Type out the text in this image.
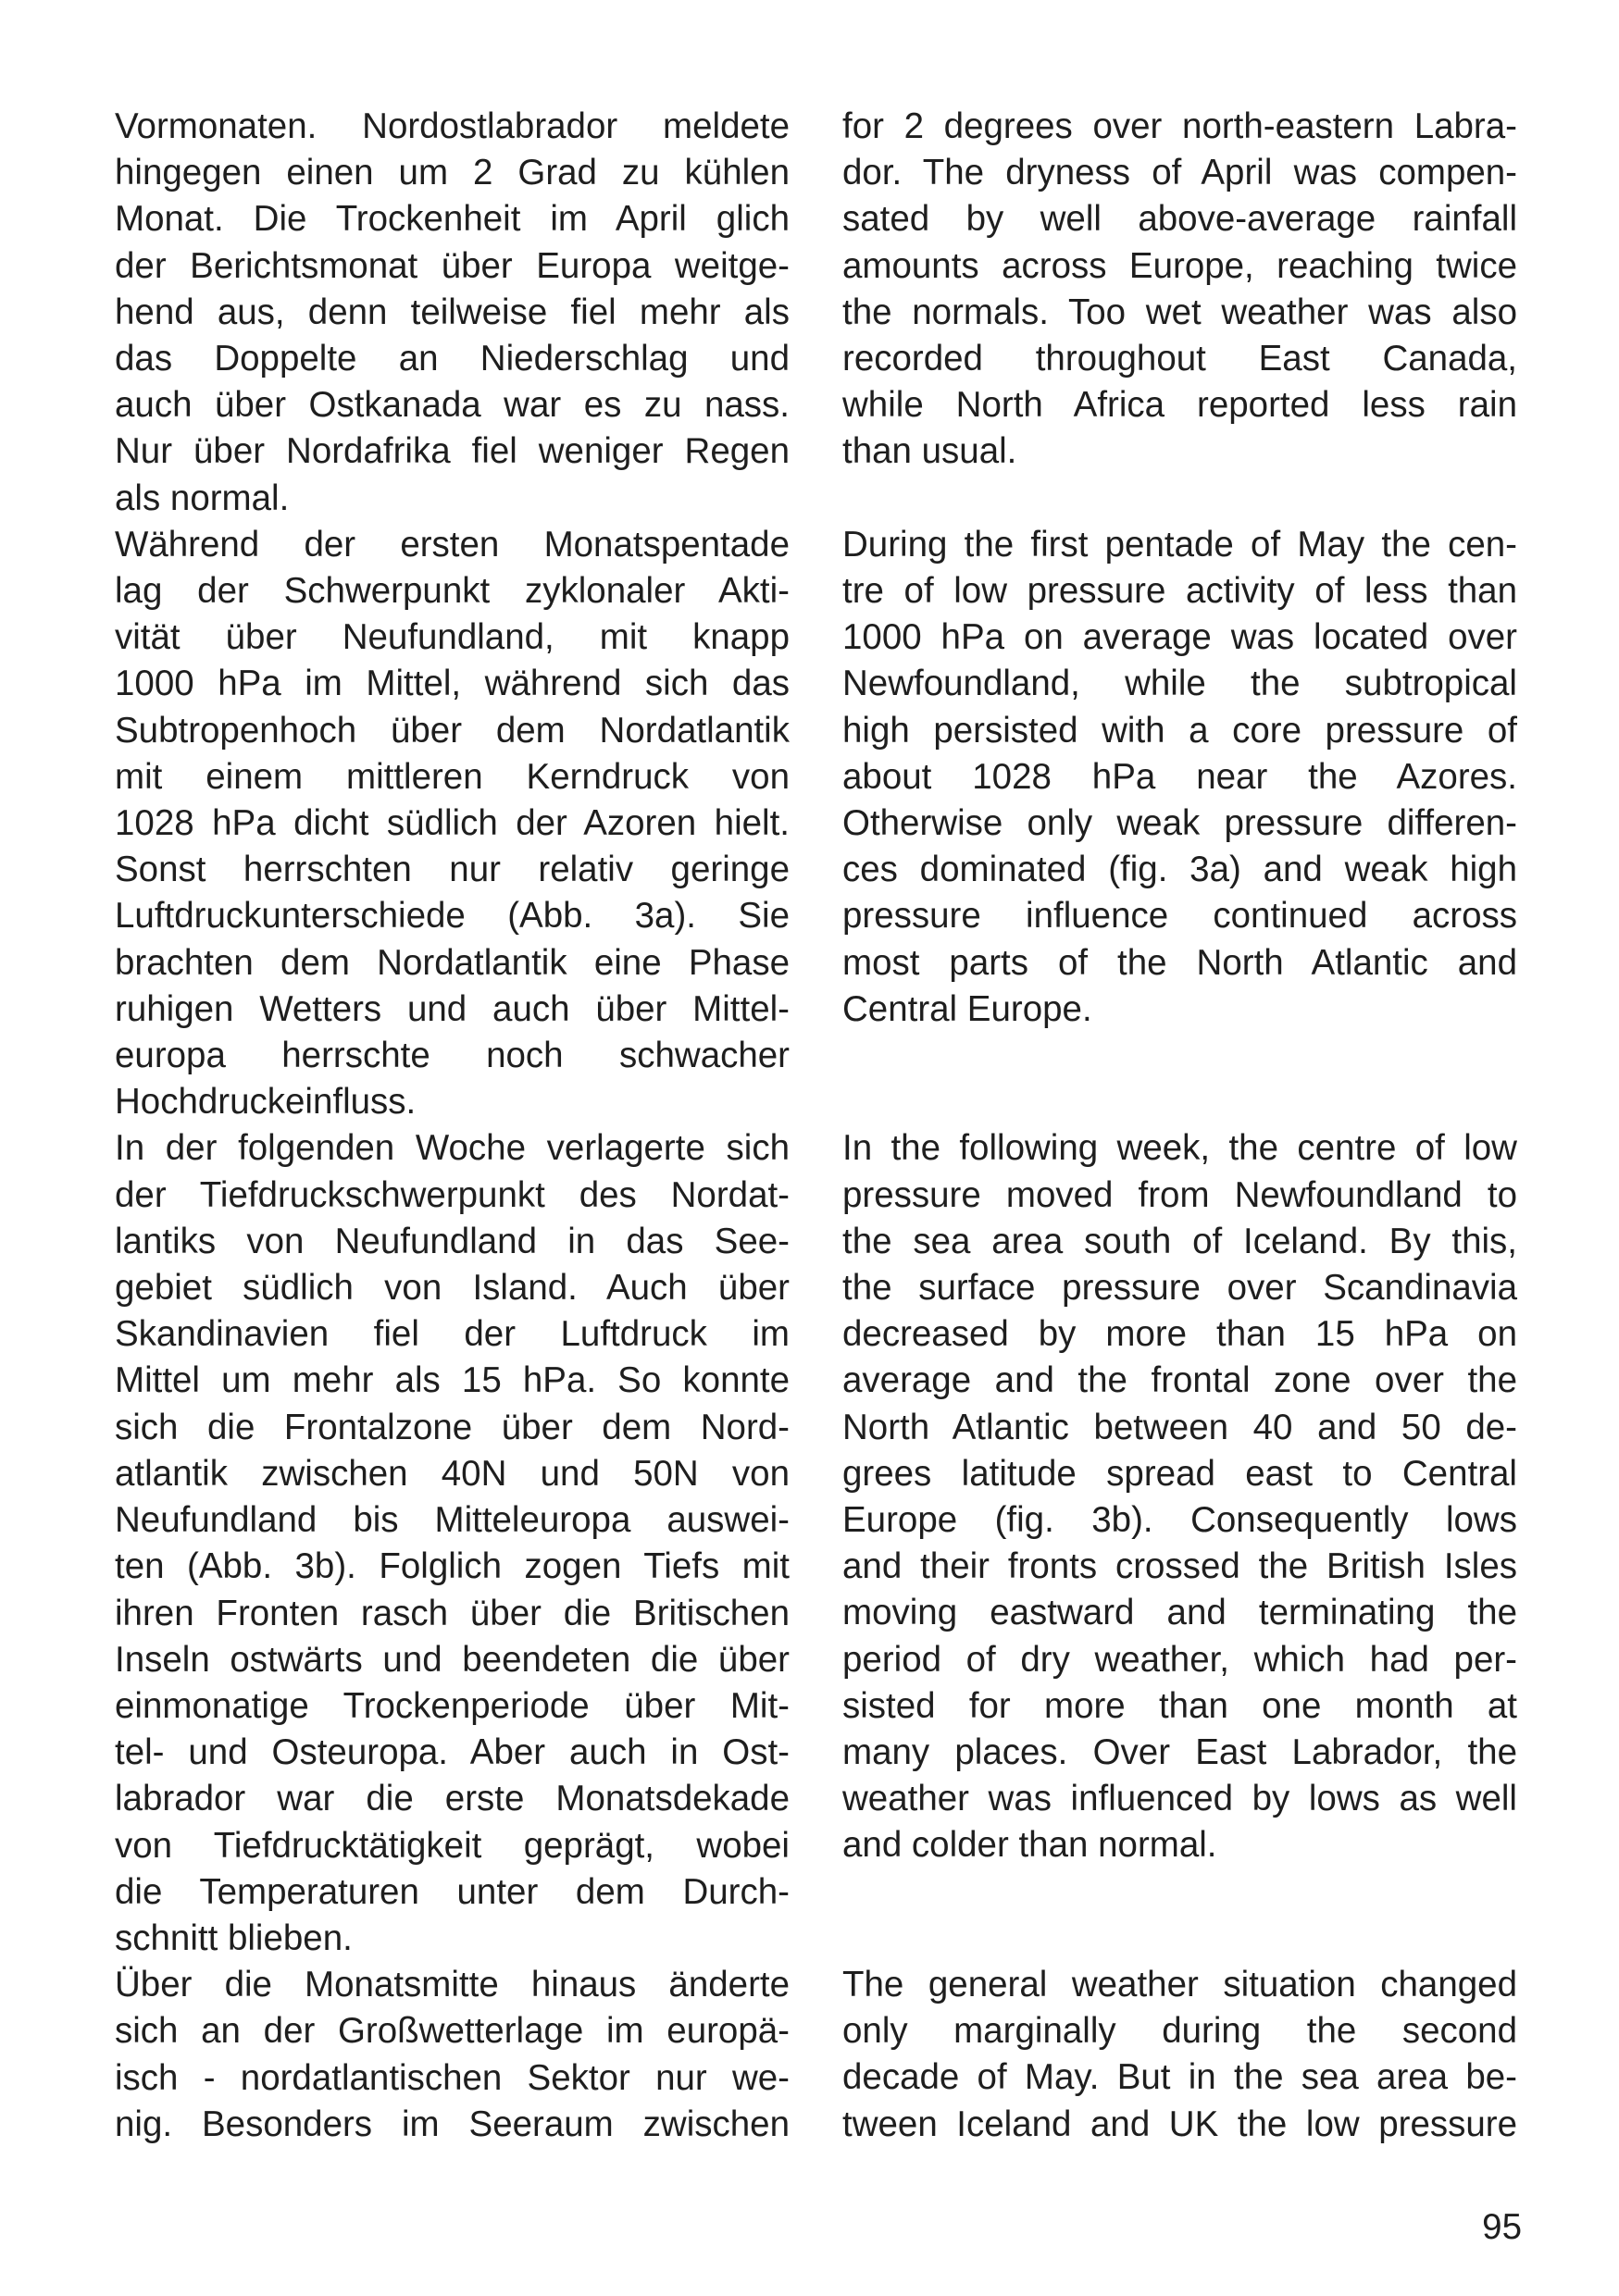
Vormonaten. Nordostlabrador meldete
hingegen einen um 2 Grad zu kühlen
Monat. Die Trockenheit im April glich
der Berichtsmonat über Europa weitge-
hend aus, denn teilweise fiel mehr als
das Doppelte an Niederschlag und
auch über Ostkanada war es zu nass.
Nur über Nordafrika fiel weniger Regen
als normal.

Während der ersten Monatspentade
lag der Schwerpunkt zyklonaler Akti-
vität über Neufundland, mit knapp
1000 hPa im Mittel, während sich das
Subtropenhoch über dem Nordatlantik
mit einem mittleren Kerndruck von
1028 hPa dicht südlich der Azoren hielt.
Sonst herrschten nur relativ geringe
Luftdruckunterschiede (Abb. 3a). Sie
brachten dem Nordatlantik eine Phase
ruhigen Wetters und auch über Mittel-
europa herrschte noch schwacher
Hochdruckeinfluss.

In der folgenden Woche verlagerte sich
der Tiefdruckschwerpunkt des Nordat-
lantiks von Neufundland in das See-
gebiet südlich von Island. Auch über
Skandinavien fiel der Luftdruck im
Mittel um mehr als 15 hPa. So konnte
sich die Frontalzone über dem Nord-
atlantik zwischen 40N und 50N von
Neufundland bis Mitteleuropa auswei-
ten (Abb. 3b). Folglich zogen Tiefs mit
ihren Fronten rasch über die Britischen
Inseln ostwärts und beendeten die über
einmonatige Trockenperiode über Mit-
tel- und Osteuropa. Aber auch in Ost-
labrador war die erste Monatsdekade
von Tiefdrucktätigkeit geprägt, wobei
die Temperaturen unter dem Durch-
schnitt blieben.

Über die Monatsmitte hinaus änderte
sich an der Großwetterlage im europä-
isch - nordatlantischen Sektor nur we-
nig. Besonders im Seeraum zwischen

for 2 degrees over north-eastern Labra-
dor. The dryness of April was compen-
sated by well above-average rainfall
amounts across Europe, reaching twice
the normals. Too wet weather was also
recorded throughout East Canada,
while North Africa reported less rain
than usual.

During the first pentade of May the cen-
tre of low pressure activity of less than
1000 hPa on average was located over
Newfoundland, while the subtropical
high persisted with a core pressure of
about 1028 hPa near the Azores.
Otherwise only weak pressure differen-
ces dominated (fig. 3a) and weak high
pressure influence continued across
most parts of the North Atlantic and
Central Europe.

In the following week, the centre of low
pressure moved from Newfoundland to
the sea area south of Iceland. By this,
the surface pressure over Scandinavia
decreased by more than 15 hPa on
average and the frontal zone over the
North Atlantic between 40 and 50 de-
grees latitude spread east to Central
Europe (fig. 3b). Consequently lows
and their fronts crossed the British Isles
moving eastward and terminating the
period of dry weather, which had per-
sisted for more than one month at
many places. Over East Labrador, the
weather was influenced by lows as well
and colder than normal.

The general weather situation changed
only marginally during the second
decade of May. But in the sea area be-
tween Iceland and UK the low pressure

95
